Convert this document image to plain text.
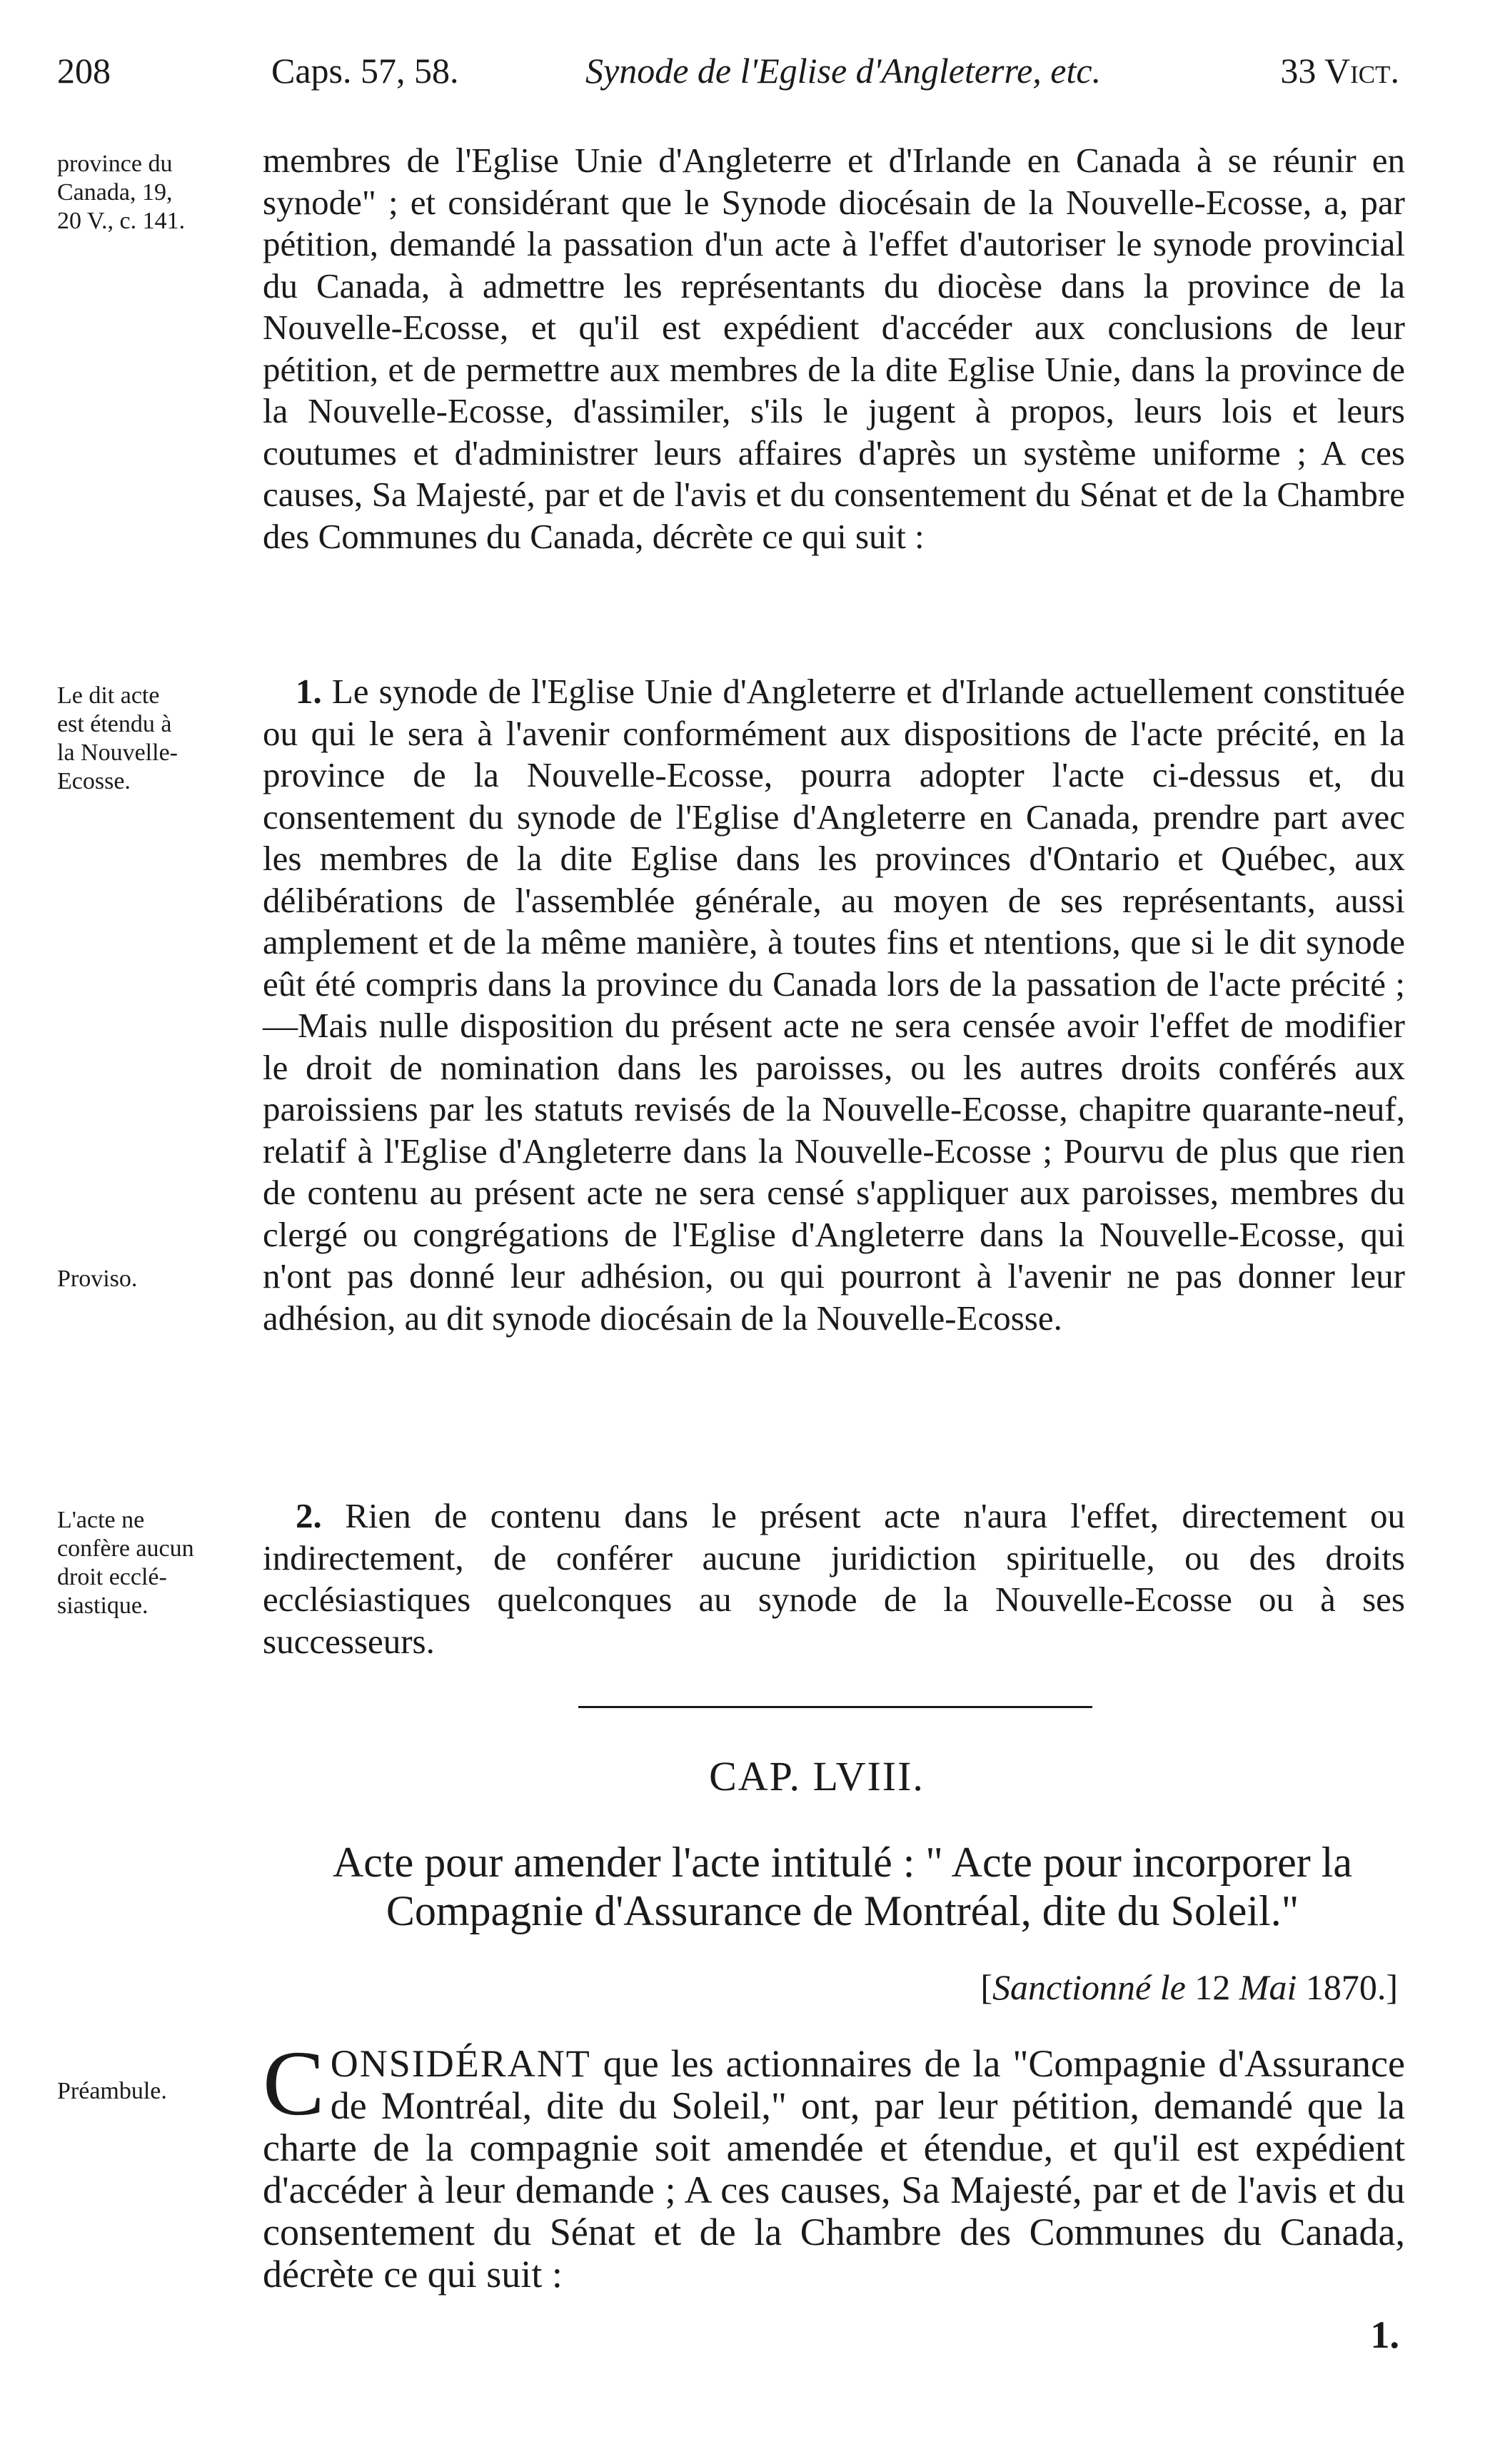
208	Caps. 57, 58.	Synode de l'Eglise d'Angleterre, etc.	33 Vict.
province du
Canada, 19,
20 V., c. 141.
Le dit acte
est étendu à
la Nouvelle-
Ecosse.
Proviso.
L'acte ne
confère aucun
droit ecclé-
siastique.
Préambule.
membres de l'Eglise Unie d'Angleterre et d'Irlande en Canada à se réunir en synode" ; et considérant que le Synode diocésain de la Nouvelle-Ecosse, a, par pétition, demandé la passation d'un acte à l'effet d'autoriser le synode provincial du Canada, à admettre les représentants du diocèse dans la province de la Nouvelle-Ecosse, et qu'il est expédient d'accéder aux conclusions de leur pétition, et de permettre aux membres de la dite Eglise Unie, dans la province de la Nouvelle-Ecosse, d'assimiler, s'ils le jugent à propos, leurs lois et leurs coutumes et d'administrer leurs affaires d'après un système uniforme ; A ces causes, Sa Majesté, par et de l'avis et du consentement du Sénat et de la Chambre des Communes du Canada, décrète ce qui suit :
1. Le synode de l'Eglise Unie d'Angleterre et d'Irlande actuellement constituée ou qui le sera à l'avenir conformément aux dispositions de l'acte précité, en la province de la Nouvelle-Ecosse, pourra adopter l'acte ci-dessus et, du consentement du synode de l'Eglise d'Angleterre en Canada, prendre part avec les membres de la dite Eglise dans les provinces d'Ontario et Québec, aux délibérations de l'assemblée générale, au moyen de ses représentants, aussi amplement et de la même manière, à toutes fins et ntentions, que si le dit synode eût été compris dans la province du Canada lors de la passation de l'acte précité ;—Mais nulle disposition du présent acte ne sera censée avoir l'effet de modifier le droit de nomination dans les paroisses, ou les autres droits conférés aux paroissiens par les statuts revisés de la Nouvelle-Ecosse, chapitre quarante-neuf, relatif à l'Eglise d'Angleterre dans la Nouvelle-Ecosse ; Pourvu de plus que rien de contenu au présent acte ne sera censé s'appliquer aux paroisses, membres du clergé ou congrégations de l'Eglise d'Angleterre dans la Nouvelle-Ecosse, qui n'ont pas donné leur adhésion, ou qui pourront à l'avenir ne pas donner leur adhésion, au dit synode diocésain de la Nouvelle-Ecosse.
2. Rien de contenu dans le présent acte n'aura l'effet, directement ou indirectement, de conférer aucune juridiction spirituelle, ou des droits ecclésiastiques quelconques au synode de la Nouvelle-Ecosse ou à ses successeurs.
CAP. LVIII.
Acte pour amender l'acte intitulé : " Acte pour incorporer la Compagnie d'Assurance de Montréal, dite du Soleil."
[Sanctionné le 12 Mai 1870.]
CONSIDÉRANT que les actionnaires de la "Compagnie d'Assurance de Montréal, dite du Soleil," ont, par leur pétition, demandé que la charte de la compagnie soit amendée et étendue, et qu'il est expédient d'accéder à leur demande ; A ces causes, Sa Majesté, par et de l'avis et du consentement du Sénat et de la Chambre des Communes du Canada, décrète ce qui suit :
1.
